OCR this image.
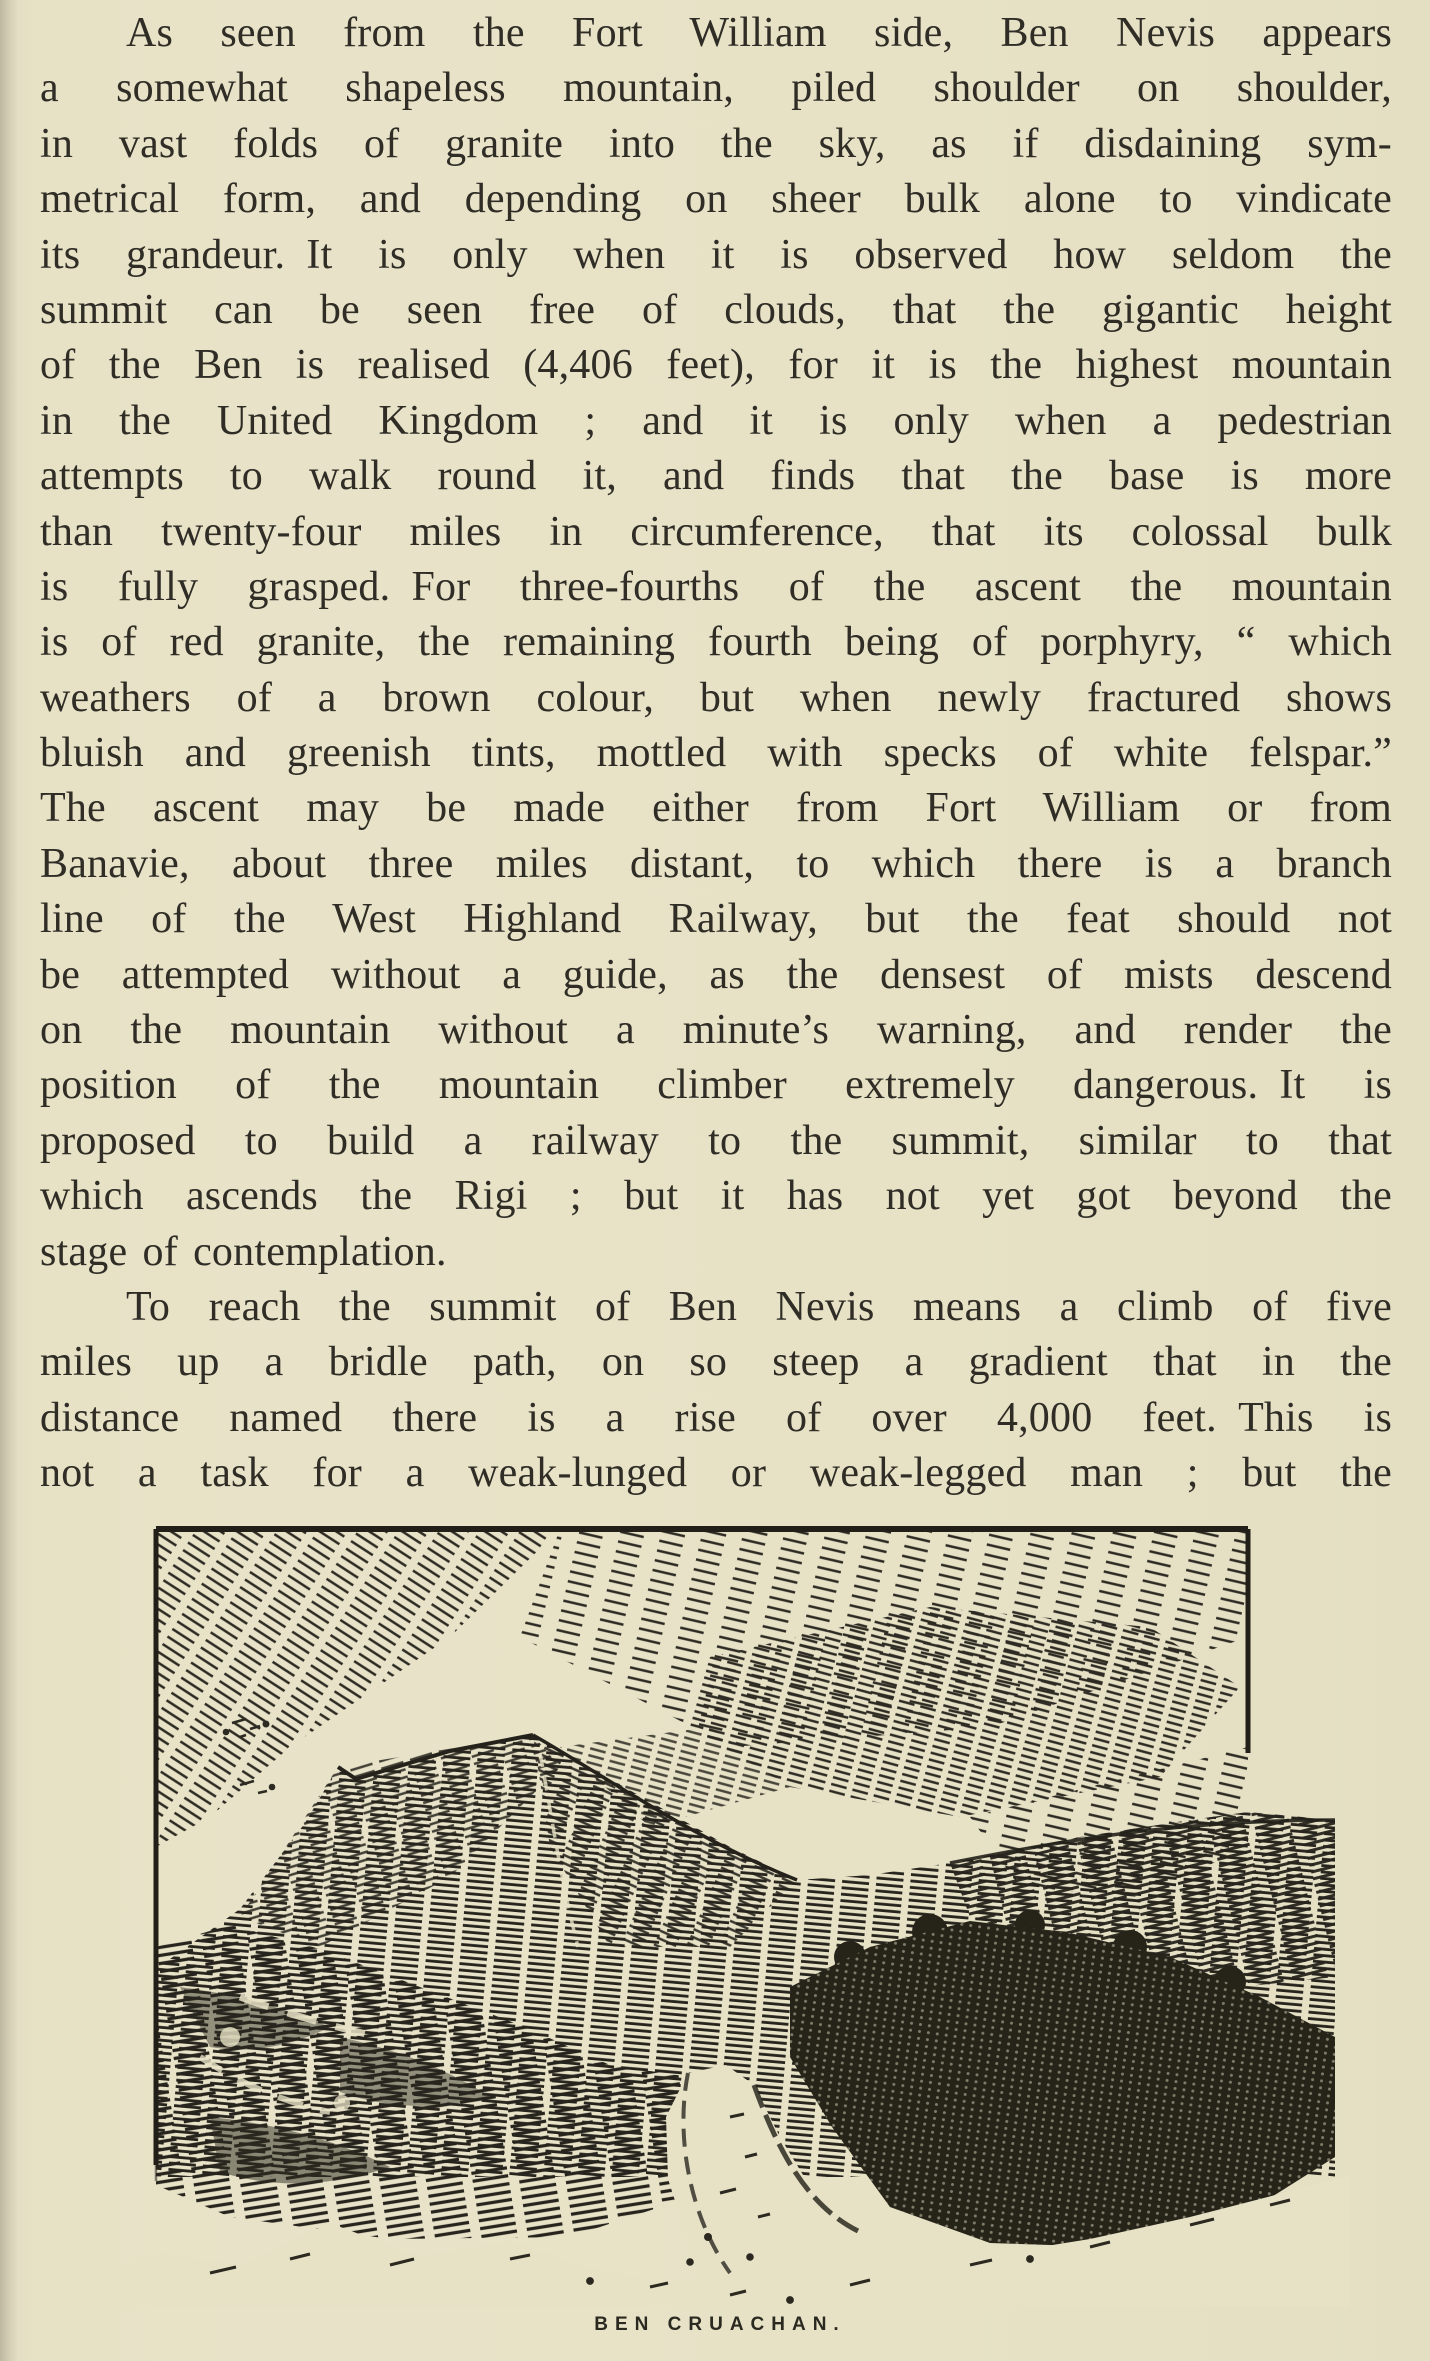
As seen from the Fort William side, Ben Nevis appears
a somewhat shapeless mountain, piled shoulder on shoulder,
in vast folds of granite into the sky, as if disdaining sym-
metrical form, and depending on sheer bulk alone to vindicate
its grandeur. It is only when it is observed how seldom the
summit can be seen free of clouds, that the gigantic height
of the Ben is realised (4,406 feet), for it is the highest mountain
in the United Kingdom ; and it is only when a pedestrian
attempts to walk round it, and finds that the base is more
than twenty-four miles in circumference, that its colossal bulk
is fully grasped. For three-fourths of the ascent the mountain
is of red granite, the remaining fourth being of porphyry, “ which
weathers of a brown colour, but when newly fractured shows
bluish and greenish tints, mottled with specks of white felspar.”
The ascent may be made either from Fort William or from
Banavie, about three miles distant, to which there is a branch
line of the West Highland Railway, but the feat should not
be attempted without a guide, as the densest of mists descend
on the mountain without a minute’s warning, and render the
position of the mountain climber extremely dangerous. It is
proposed to build a railway to the summit, similar to that
which ascends the Rigi ; but it has not yet got beyond the
stage of contemplation.
To reach the summit of Ben Nevis means a climb of five
miles up a bridle path, on so steep a gradient that in the
distance named there is a rise of over 4,000 feet. This is
not a task for a weak-lunged or weak-legged man ; but the
BEN CRUACHAN.
